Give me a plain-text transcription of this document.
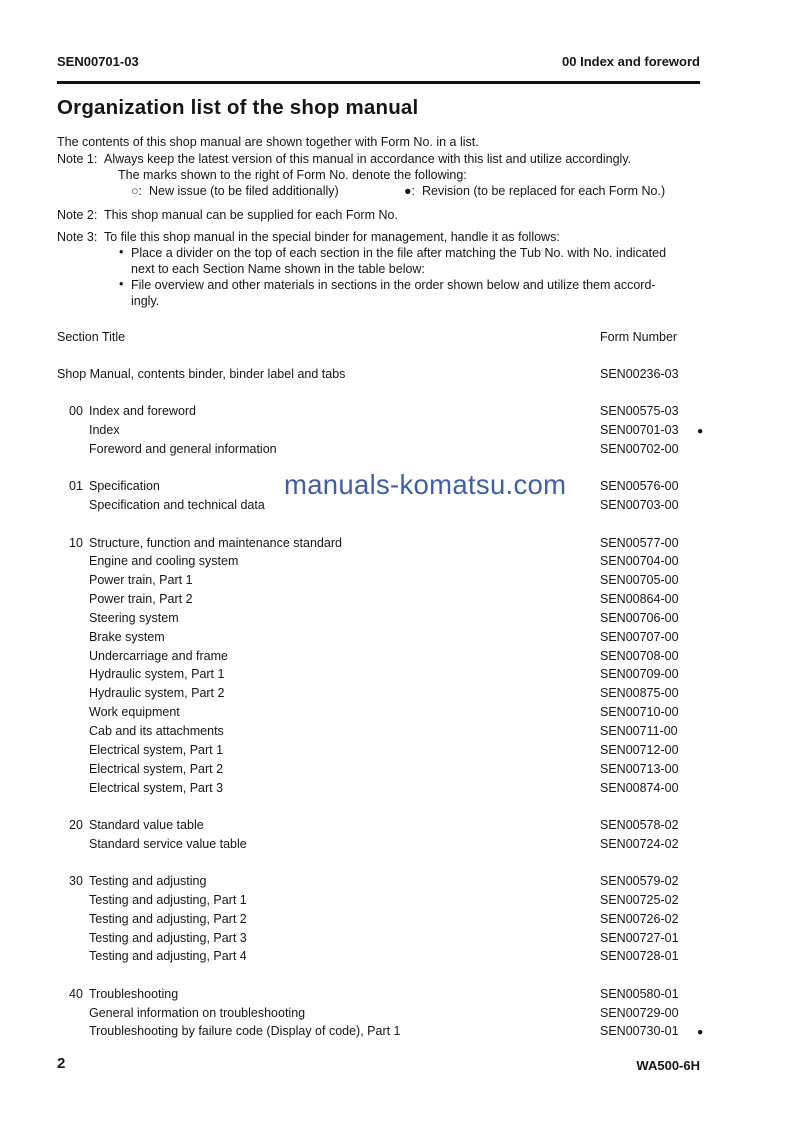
SEN00701-03	00 Index and foreword
Organization list of the shop manual
The contents of this shop manual are shown together with Form No. in a list.
Note 1: Always keep the latest version of this manual in accordance with this list and utilize accordingly.
The marks shown to the right of Form No. denote the following:
○: New issue (to be filed additionally)	●: Revision (to be replaced for each Form No.)
Note 2: This shop manual can be supplied for each Form No.
Note 3: To file this shop manual in the special binder for management, handle it as follows:
• Place a divider on the top of each section in the file after matching the Tub No. with No. indicated
next to each Section Name shown in the table below:
• File overview and other materials in sections in the order shown below and utilize them accord-
ingly.
Section Title	Form Number
Shop Manual, contents binder, binder label and tabs	SEN00236-03
00 Index and foreword	SEN00575-03
Index	SEN00701-03 ●
Foreword and general information	SEN00702-00
01 Specification	SEN00576-00
Specification and technical data	SEN00703-00
10 Structure, function and maintenance standard	SEN00577-00
Engine and cooling system	SEN00704-00
Power train, Part 1	SEN00705-00
Power train, Part 2	SEN00864-00
Steering system	SEN00706-00
Brake system	SEN00707-00
Undercarriage and frame	SEN00708-00
Hydraulic system, Part 1	SEN00709-00
Hydraulic system, Part 2	SEN00875-00
Work equipment	SEN00710-00
Cab and its attachments	SEN00711-00
Electrical system, Part 1	SEN00712-00
Electrical system, Part 2	SEN00713-00
Electrical system, Part 3	SEN00874-00
20 Standard value table	SEN00578-02
Standard service value table	SEN00724-02
30 Testing and adjusting	SEN00579-02
Testing and adjusting, Part 1	SEN00725-02
Testing and adjusting, Part 2	SEN00726-02
Testing and adjusting, Part 3	SEN00727-01
Testing and adjusting, Part 4	SEN00728-01
40 Troubleshooting	SEN00580-01
General information on troubleshooting	SEN00729-00
Troubleshooting by failure code (Display of code), Part 1	SEN00730-01 ●
manuals-komatsu.com
2	WA500-6H
